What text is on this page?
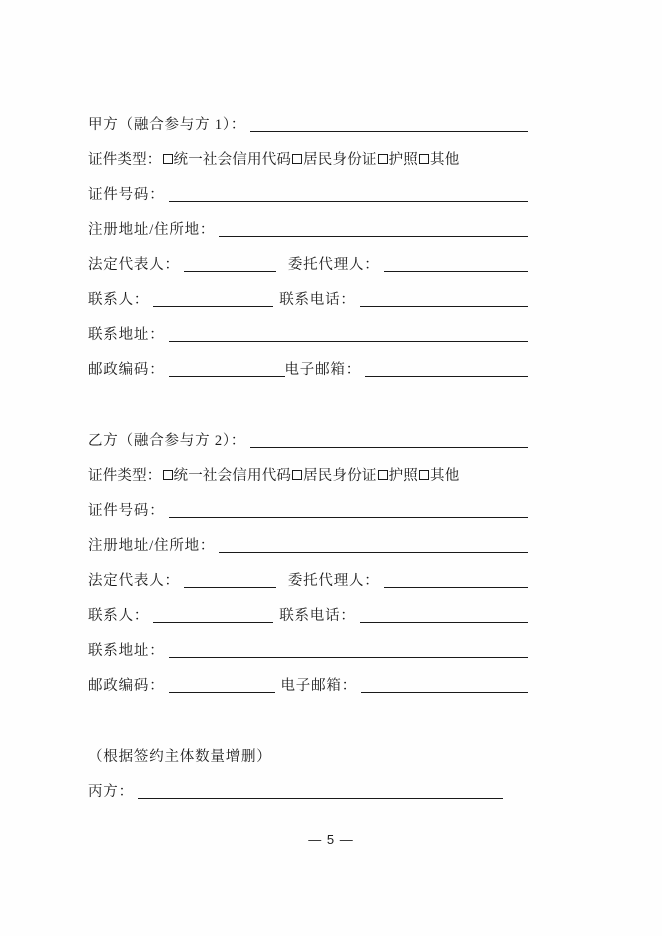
甲方（融合参与方 1）：
证件类型： 统一社会信用代码 居民身份证 护照 其他
证件号码：
注册地址/住所地：
法定代表人：	委托代理人：
联系人：	联系电话：
联系地址：
邮政编码：	电子邮箱：
乙方（融合参与方 2）：
证件类型： 统一社会信用代码 居民身份证 护照 其他
证件号码：
注册地址/住所地：
法定代表人：	委托代理人：
联系人：	联系电话：
联系地址：
邮政编码：	电子邮箱：
（根据签约主体数量增删）
丙方：
— 5 —
